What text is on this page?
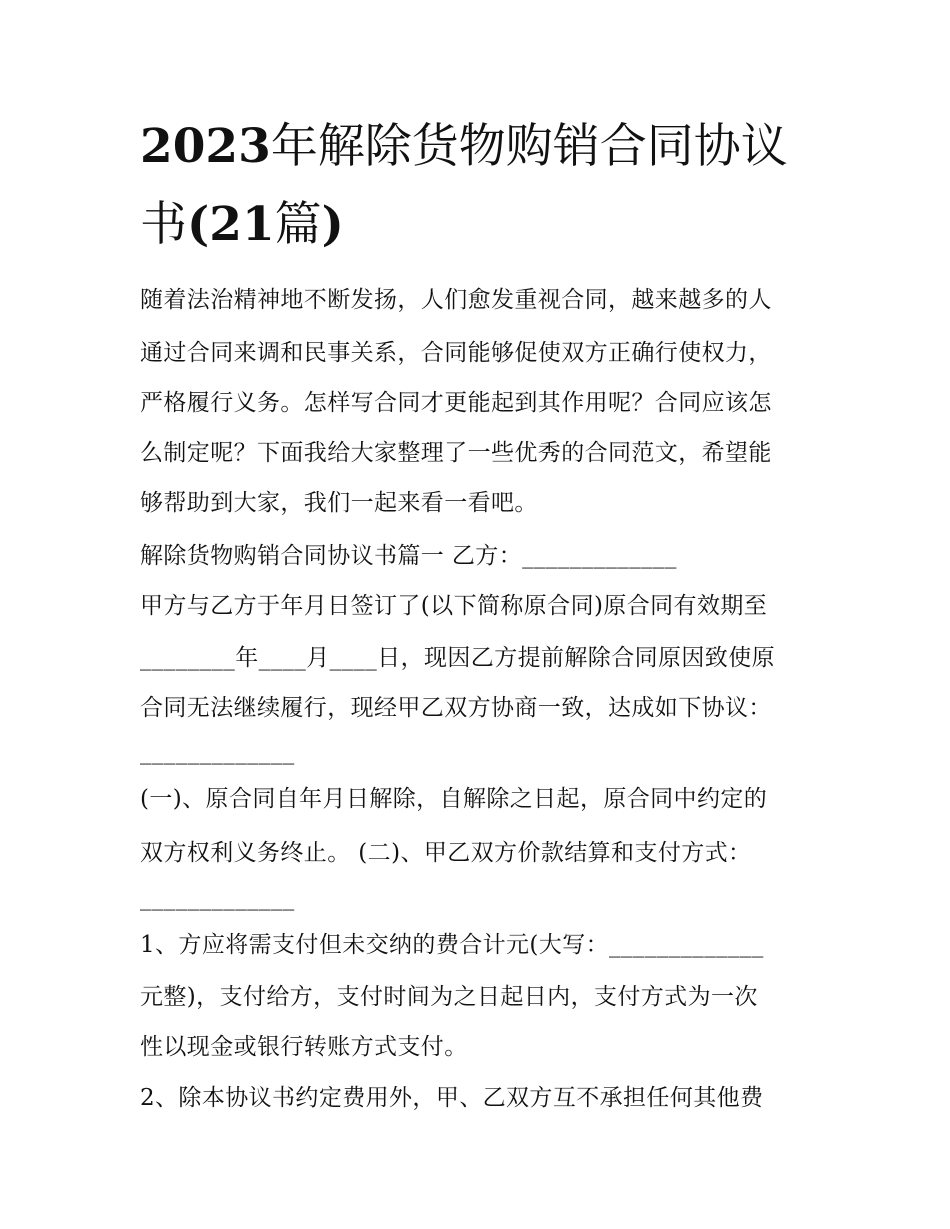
2023年解除货物购销合同协议
书(21篇)
随着法治精神地不断发扬，人们愈发重视合同，越来越多的人
通过合同来调和民事关系，合同能够促使双方正确行使权力，
严格履行义务。怎样写合同才更能起到其作用呢？合同应该怎
么制定呢？下面我给大家整理了一些优秀的合同范文，希望能
够帮助到大家，我们一起来看一看吧。
解除货物购销合同协议书篇一 乙方：_____________
甲方与乙方于年月日签订了(以下简称原合同)原合同有效期至
________年____月____日，现因乙方提前解除合同原因致使原
合同无法继续履行，现经甲乙双方协商一致，达成如下协议：
_____________
(一)、原合同自年月日解除，自解除之日起，原合同中约定的
双方权利义务终止。 (二)、甲乙双方价款结算和支付方式：
_____________
1、方应将需支付但未交纳的费合计元(大写：_____________
元整)，支付给方，支付时间为之日起日内，支付方式为一次
性以现金或银行转账方式支付。
2、除本协议书约定费用外，甲、乙双方互不承担任何其他费
